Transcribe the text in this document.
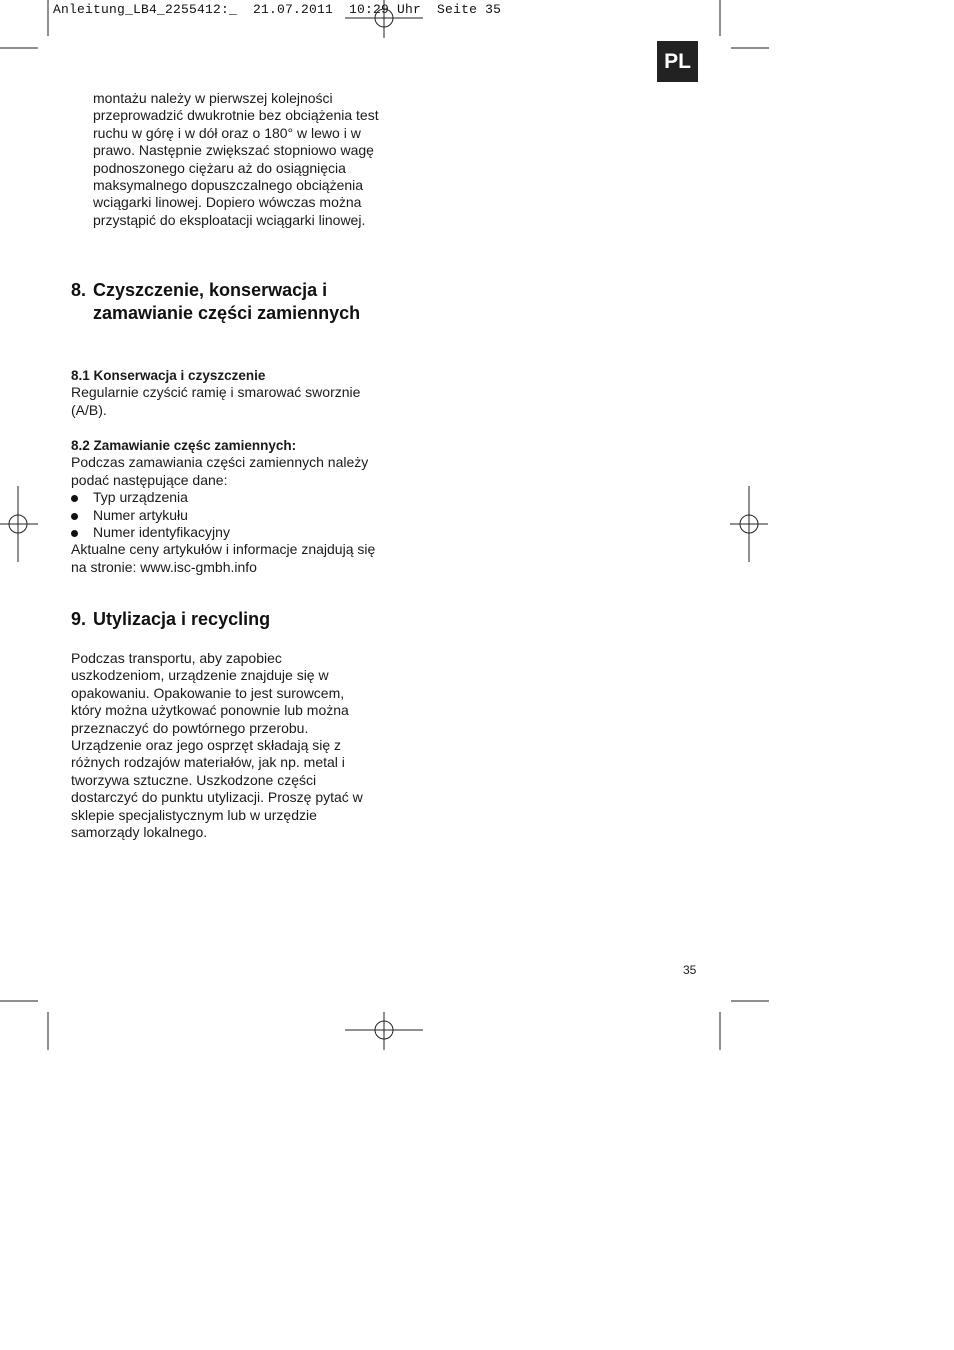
Anleitung_LB4_2255412:_  21.07.2011  10:29 Uhr  Seite 35
PL

montażu należy w pierwszej kolejności przeprowadzić dwukrotnie bez obciążenia test ruchu w górę i w dół oraz o 180° w lewo i w prawo. Następnie zwiększać stopniowo wagę podnoszonego ciężaru aż do osiągnięcia maksymalnego dopuszczalnego obciążenia wciągarki linowej. Dopiero wówczas można przystąpić do eksploatacji wciągarki linowej.

8. Czyszczenie, konserwacja i zamawianie części zamiennych
8.1 Konserwacja i czyszczenie

Regularnie czyścić ramię i smarować sworznie (A/B).

8.2 Zamawianie częśc zamiennych:

Podczas zamawiania części zamiennych należy podać następujące dane:

Typ urządzenia
Numer artykułu
Numer identyfikacyjny

Aktualne ceny artykułów i informacje znajdują się na stronie: www.isc-gmbh.info

9. Utylizacja i recycling

Podczas transportu, aby zapobiec uszkodzeniom, urządzenie znajduje się w opakowaniu. Opakowanie to jest surowcem, który można użytkować ponownie lub można przeznaczyć do powtórnego przerobu. Urządzenie oraz jego osprzęt składają się z różnych rodzajów materiałów, jak np. metal i tworzywa sztuczne. Uszkodzone części dostarczyć do punktu utylizacji. Proszę pytać w sklepie specjalistycznym lub w urzędzie samorządy lokalnego.

35
